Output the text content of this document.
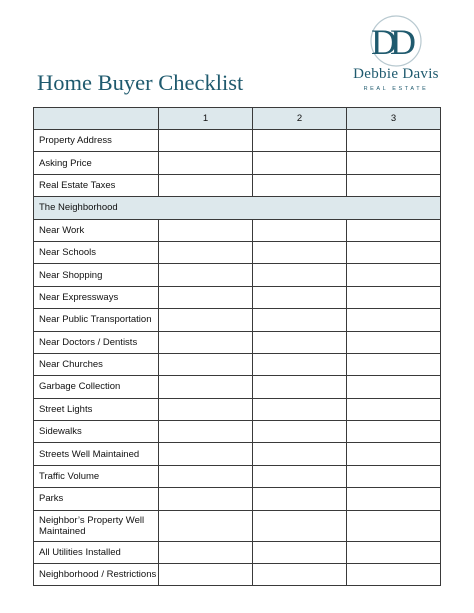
Home Buyer Checklist
D
D
Debbie Davis
REAL ESTATE
	1	2	3
Property Address			
Asking Price			
Real Estate Taxes			
The Neighborhood			
Near Work			
Near Schools			
Near Shopping			
Near Expressways			
Near Public Transportation			
Near Doctors / Dentists			
Near Churches			
Garbage Collection			
Street Lights			
Sidewalks			
Streets Well Maintained			
Traffic Volume			
Parks			
Neighbor’s Property Well Maintained			
All Utilities Installed			
Neighborhood / Restrictions			
